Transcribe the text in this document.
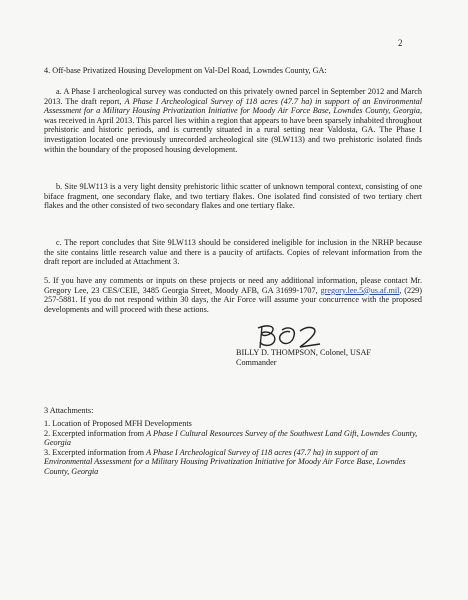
2

4. Off-base Privatized Housing Development on Val-Del Road, Lowndes County, GA:

a. A Phase I archeological survey was conducted on this privately owned parcel in September 2012 and March 2013. The draft report, A Phase I Archeological Survey of 118 acres (47.7 ha) in support of an Environmental Assessment for a Military Housing Privatization Initiative for Moody Air Force Base, Lowndes County, Georgia, was received in April 2013. This parcel lies within a region that appears to have been sparsely inhabited throughout prehistoric and historic periods, and is currently situated in a rural setting near Valdosta, GA. The Phase I investigation located one previously unrecorded archeological site (9LW113) and two prehistoric isolated finds within the boundary of the proposed housing development.
b. Site 9LW113 is a very light density prehistoric lithic scatter of unknown temporal context, consisting of one biface fragment, one secondary flake, and two tertiary flakes. One isolated find consisted of two tertiary chert flakes and the other consisted of two secondary flakes and one tertiary flake.
c. The report concludes that Site 9LW113 should be considered ineligible for inclusion in the NRHP because the site contains little research value and there is a paucity of artifacts. Copies of relevant information from the draft report are included at Attachment 3.
5. If you have any comments or inputs on these projects or need any additional information, please contact Mr. Gregory Lee, 23 CES/CEIE, 3485 Georgia Street, Moody AFB, GA 31699-1707, gregory.lee.5@us.af.mil, (229) 257-5881. If you do not respond within 30 days, the Air Force will assume your concurrence with the proposed developments and will proceed with these actions.
BILLY D. THOMPSON, Colonel, USAF
Commander
3 Attachments:

1. Location of Proposed MFH Developments

2. Excerpted information from A Phase I Cultural Resources Survey of the Southwest Land Gift, Lowndes County, Georgia

3. Excerpted information from A Phase I Archeological Survey of 118 acres (47.7 ha) in support of an Environmental Assessment for a Military Housing Privatization Initiative for Moody Air Force Base, Lowndes County, Georgia
